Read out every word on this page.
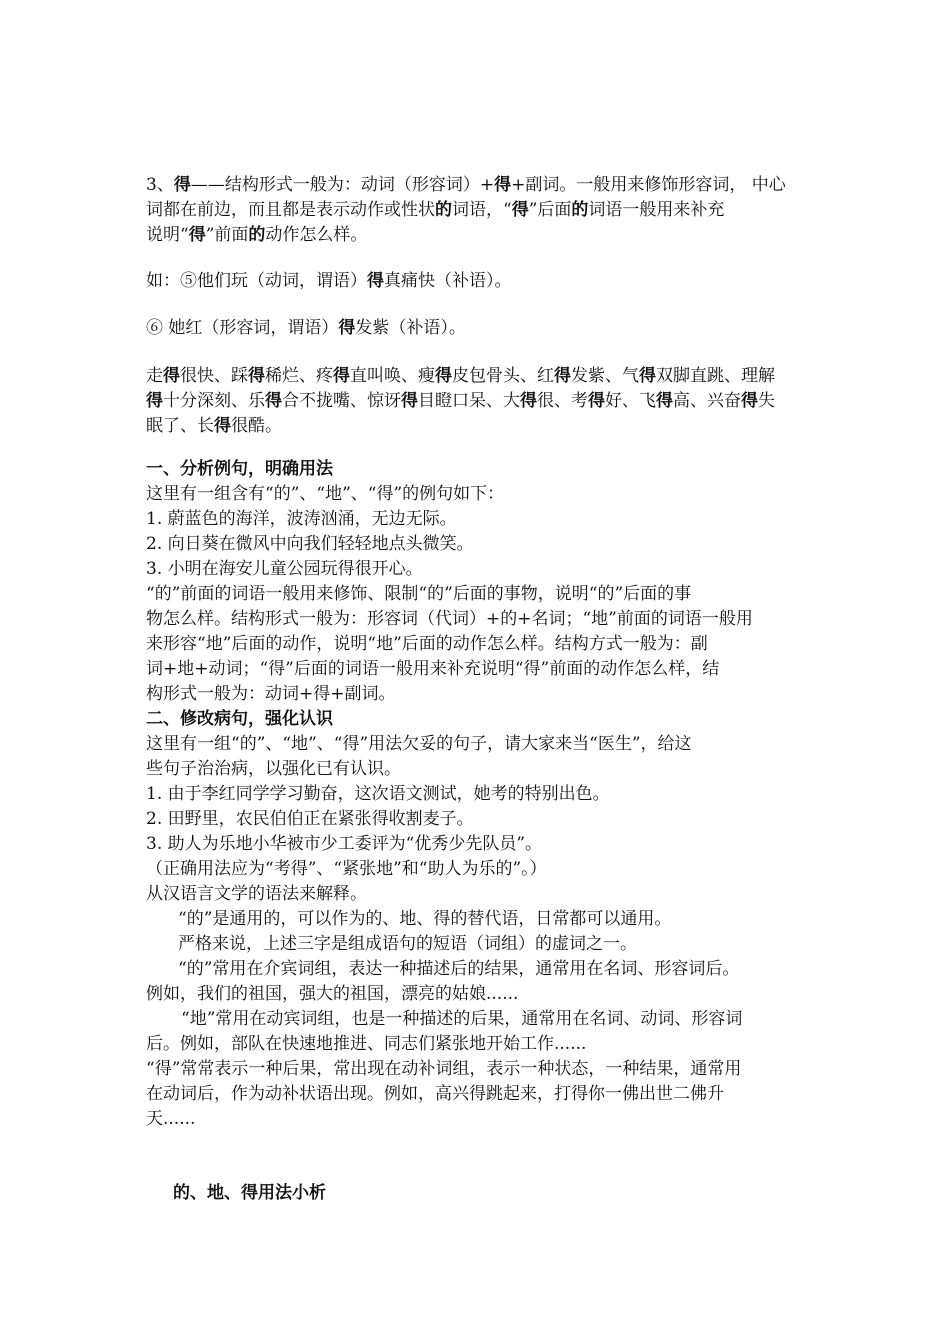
3、得——结构形式一般为：动词（形容词）+得+副词。一般用来修饰形容词， 中心

词都在前边，而且都是表示动作或性状的词语，“得”后面的词语一般用来补充

说明“得”前面的动作怎么样。

如：⑤他们玩（动词，谓语）得真痛快（补语）。

⑥ 她红（形容词，谓语）得发紫（补语）。

走得很快、踩得稀烂、疼得直叫唤、瘦得皮包骨头、红得发紫、气得双脚直跳、理解

得十分深刻、乐得合不拢嘴、惊讶得目瞪口呆、大得很、考得好、飞得高、兴奋得失

眠了、长得很酷。

一、分析例句，明确用法

这里有一组含有“的”、“地”、“得”的例句如下：

1. 蔚蓝色的海洋，波涛汹涌，无边无际。

2. 向日葵在微风中向我们轻轻地点头微笑。

3. 小明在海安儿童公园玩得很开心。

“的”前面的词语一般用来修饰、限制“的”后面的事物，说明“的”后面的事

物怎么样。结构形式一般为：形容词（代词）+的+名词；“地”前面的词语一般用

来形容“地”后面的动作，说明“地”后面的动作怎么样。结构方式一般为：副

词+地+动词；“得”后面的词语一般用来补充说明“得”前面的动作怎么样，结

构形式一般为：动词+得+副词。

二、修改病句，强化认识

这里有一组“的”、“地”、“得”用法欠妥的句子，请大家来当“医生”，给这

些句子治治病，以强化已有认识。

1. 由于李红同学学习勤奋，这次语文测试，她考的特别出色。

2. 田野里，农民伯伯正在紧张得收割麦子。

3. 助人为乐地小华被市少工委评为“优秀少先队员”。

（正确用法应为“考得”、“紧张地”和“助人为乐的”。）

从汉语言文学的语法来解释。

“的”是通用的，可以作为的、地、得的替代语，日常都可以通用。

严格来说，上述三字是组成语句的短语（词组）的虚词之一。

“的”常用在介宾词组，表达一种描述后的结果，通常用在名词、形容词后。

例如，我们的祖国，强大的祖国，漂亮的姑娘......

“地”常用在动宾词组，也是一种描述的后果，通常用在名词、动词、形容词

后。例如，部队在快速地推进、同志们紧张地开始工作......

“得”常常表示一种后果，常出现在动补词组，表示一种状态，一种结果，通常用

在动词后，作为动补状语出现。例如，高兴得跳起来，打得你一佛出世二佛升

天......

的、地、得用法小析
